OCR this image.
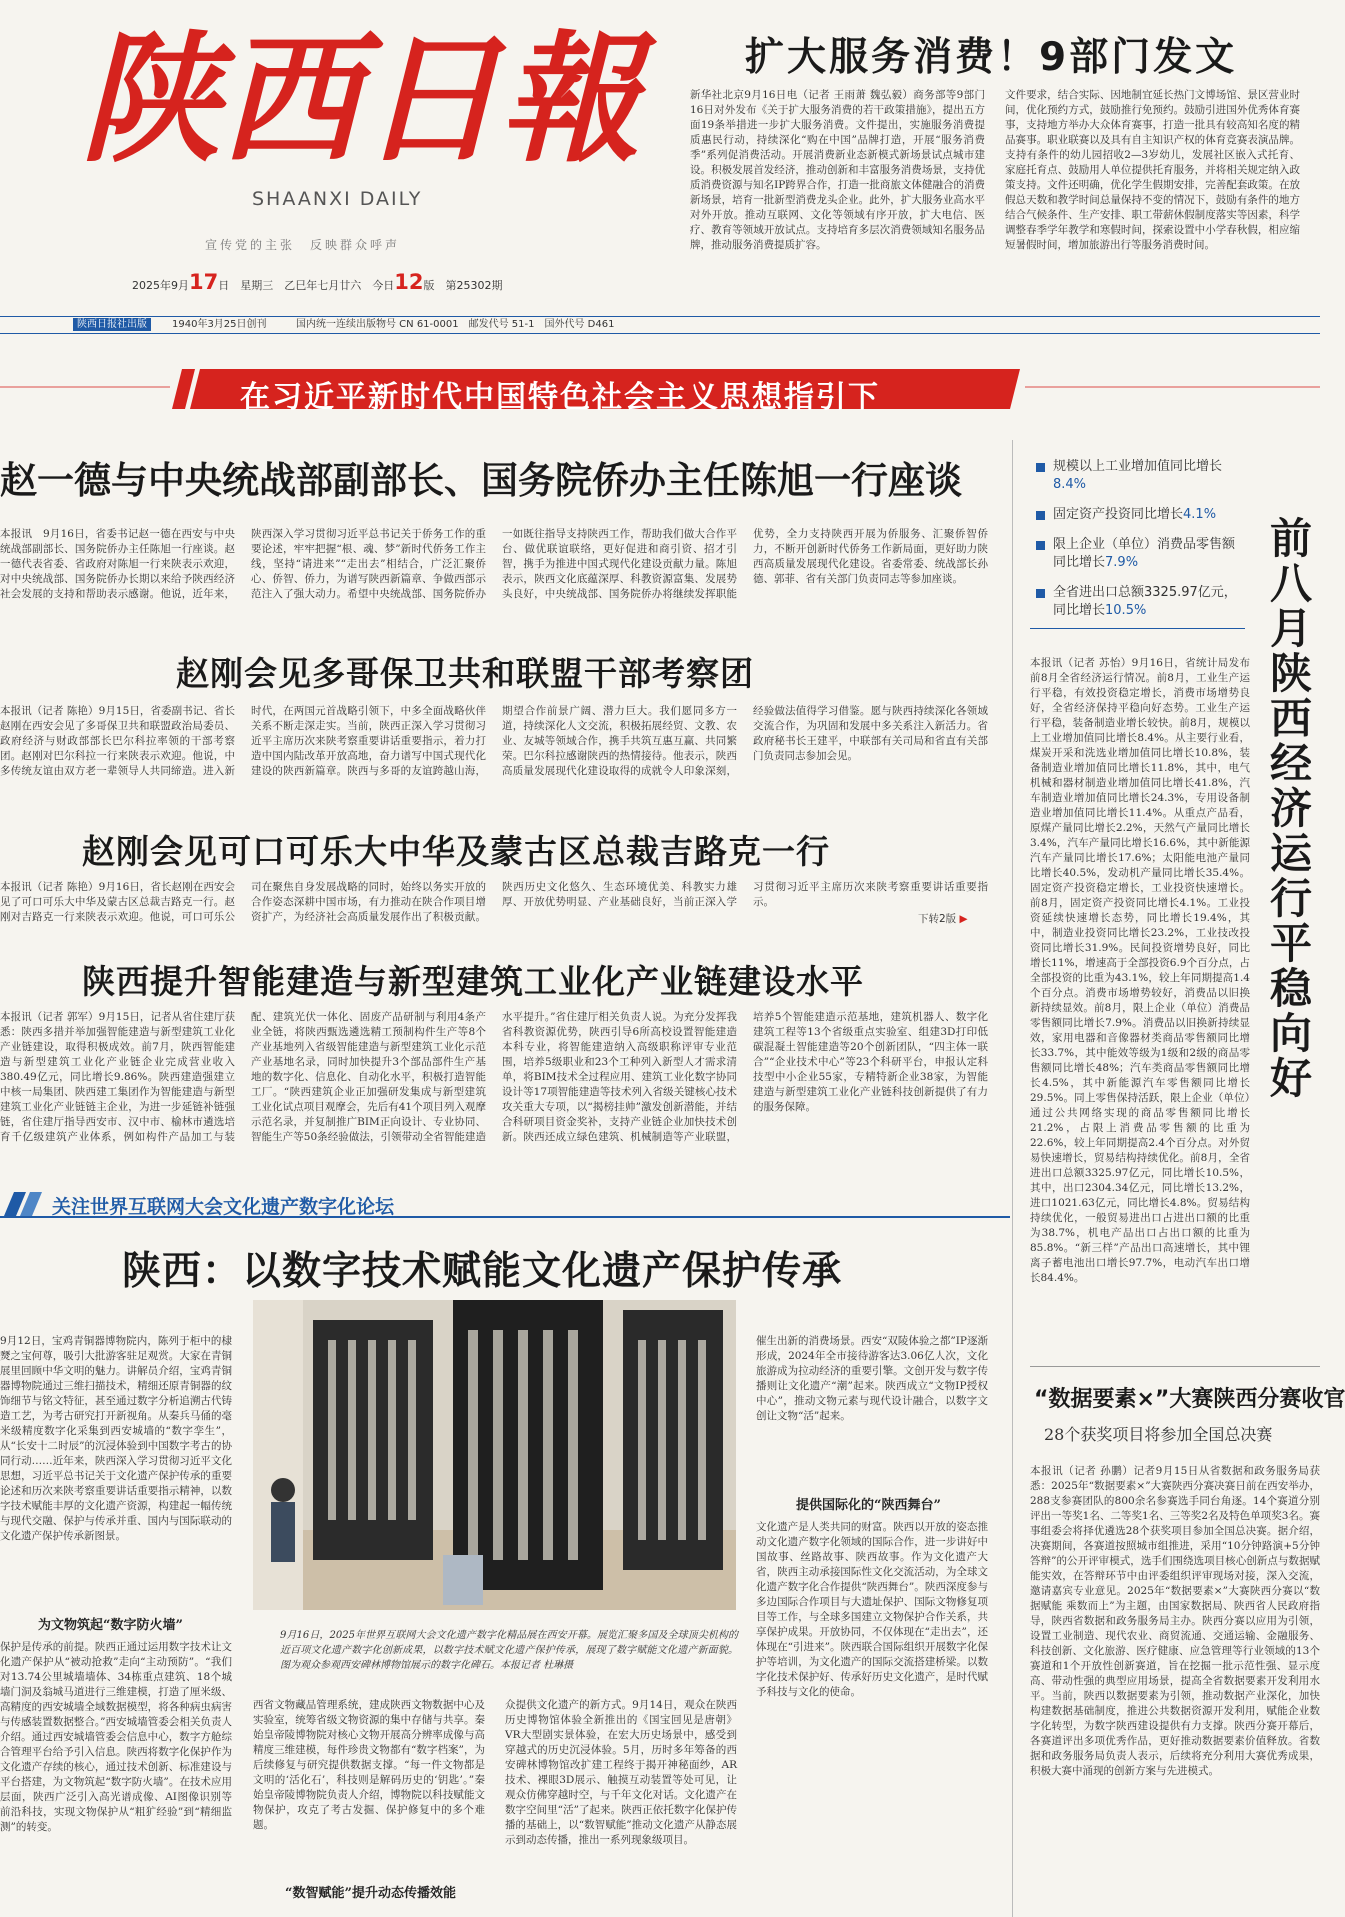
陕西日報
SHAANXI DAILY
宣传党的主张　反映群众呼声
2025年9月17日　星期三　乙巳年七月廿六　今日12版　第25302期
扩大服务消费！9部门发文
新华社北京9月16日电（记者 王雨萧 魏弘毅）商务部等9部门16日对外发布《关于扩大服务消费的若干政策措施》，提出五方面19条举措进一步扩大服务消费。文件提出，实施服务消费提质惠民行动，持续深化“购在中国”品牌打造，开展“服务消费季”系列促消费活动。开展消费新业态新模式新场景试点城市建设。积极发展首发经济，推动创新和丰富服务消费场景，支持优质消费资源与知名IP跨界合作，打造一批商旅文体健融合的消费新场景，培育一批新型消费龙头企业。此外，扩大服务业高水平对外开放。推动互联网、文化等领域有序开放，扩大电信、医疗、教育等领域开放试点。支持培育多层次消费领域知名服务品牌，推动服务消费提质扩容。
文件要求，结合实际、因地制宜延长热门文博场馆、景区营业时间，优化预约方式，鼓励推行免预约。鼓励引进国外优秀体育赛事，支持地方举办大众体育赛事，打造一批具有较高知名度的精品赛事。职业联赛以及具有自主知识产权的体育竞赛表演品牌。支持有条件的幼儿园招收2—3岁幼儿，发展社区嵌入式托育、家庭托育点、鼓励用人单位提供托育服务，并将相关规定纳入政策支持。文件还明确，优化学生假期安排，完善配套政策。在放假总天数和教学时间总量保持不变的情况下，鼓励有条件的地方结合气候条件、生产安排、职工带薪休假制度落实等因素，科学调整春季学年教学和寒假时间，探索设置中小学春秋假，相应缩短暑假时间，增加旅游出行等服务消费时间。
陕西日报社出版	1940年3月25日创刊	国内统一连续出版物号 CN 61-0001　邮发代号 51-1　国外代号 D461
在习近平新时代中国特色社会主义思想指引下
赵一德与中央统战部副部长、国务院侨办主任陈旭一行座谈
本报讯　9月16日，省委书记赵一德在西安与中央统战部副部长、国务院侨办主任陈旭一行座谈。赵一德代表省委、省政府对陈旭一行来陕表示欢迎，对中央统战部、国务院侨办长期以来给予陕西经济社会发展的支持和帮助表示感谢。他说，近年来，陕西深入学习贯彻习近平总书记关于侨务工作的重要论述，牢牢把握“根、魂、梦”新时代侨务工作主线，坚持“请进来”“走出去”相结合，广泛汇聚侨心、侨智、侨力，为谱写陕西新篇章、争做西部示范注入了强大动力。希望中央统战部、国务院侨办一如既往指导支持陕西工作，帮助我们做大合作平台、做优联谊联络，更好促进和商引资、招才引智，携手为推进中国式现代化建设贡献力量。陈旭表示，陕西文化底蕴深厚、科教资源富集、发展势头良好，中央统战部、国务院侨办将继续发挥职能优势，全力支持陕西开展为侨服务、汇聚侨智侨力，不断开创新时代侨务工作新局面，更好助力陕西高质量发展现代化建设。省委常委、统战部长孙德、郭菲、省有关部门负责同志等参加座谈。
赵刚会见多哥保卫共和联盟干部考察团
本报讯（记者 陈艳）9月15日，省委副书记、省长赵刚在西安会见了多哥保卫共和联盟政治局委员、政府经济与财政部部长巴尔科拉率领的干部考察团。赵刚对巴尔科拉一行来陕表示欢迎。他说，中多传统友谊由双方老一辈领导人共同缔造。进入新时代，在两国元首战略引领下，中多全面战略伙伴关系不断走深走实。当前，陕西正深入学习贯彻习近平主席历次来陕考察重要讲话重要指示，着力打造中国内陆改革开放高地，奋力谱写中国式现代化建设的陕西新篇章。陕西与多哥的友谊跨越山海，期望合作前景广阔、潜力巨大。我们愿同多方一道，持续深化人文交流，积极拓展经贸、文教、农业、友城等领域合作，携手共筑互惠互赢、共同繁荣。巴尔科拉感谢陕西的热情接待。他表示，陕西高质量发展现代化建设取得的成就令人印象深刻，经验做法值得学习借鉴。愿与陕西持续深化各领域交流合作，为巩固和发展中多关系注入新活力。省政府秘书长王建平，中联部有关司局和省直有关部门负责同志参加会见。
赵刚会见可口可乐大中华及蒙古区总裁吉路克一行
本报讯（记者 陈艳）9月16日，省长赵刚在西安会见了可口可乐大中华及蒙古区总裁吉路克一行。赵刚对吉路克一行来陕表示欢迎。他说，可口可乐公司在聚焦自身发展战略的同时，始终以务实开放的合作姿态深耕中国市场，有力推动在陕合作项目增资扩产，为经济社会高质量发展作出了积极贡献。陕西历史文化悠久、生态环境优美、科教实力雄厚、开放优势明显、产业基础良好，当前正深入学习贯彻习近平主席历次来陕考察重要讲话重要指示。
下转2版 ▶
陕西提升智能建造与新型建筑工业化产业链建设水平
本报讯（记者 郭军）9月15日，记者从省住建厅获悉：陕西多措并举加强智能建造与新型建筑工业化产业链建设，取得积极成效。前7月，陕西智能建造与新型建筑工业化产业链企业完成营业收入380.49亿元，同比增长9.86%。陕西建造强建立中核一局集团、陕西建工集团作为智能建造与新型建筑工业化产业链链主企业，为进一步延链补链强链，省住建厅指导西安市、汉中市、榆林市遴选培育千亿级建筑产业体系，例如构件产品加工与装配、建筑光伏一体化、固废产品研制与利用4条产业全链，将陕西甄选遴选精工预制构件生产等8个产业基地列入省级智能建造与新型建筑工业化示范产业基地名录，同时加快提升3个部品部件生产基地的数字化、信息化、自动化水平，积极打造智能工厂。“陕西建筑企业正加强研发集成与新型建筑工业化试点项目观摩会，先后有41个项目列入观摩示范名录，并复制推广BIM正向设计、专业协同、智能生产等50条经验做法，引领带动全省智能建造水平提升。”省住建厅相关负责人说。为充分发挥我省科教资源优势，陕西引导6所高校设置智能建造本科专业，将智能建造纳入高级职称评审专业范围，培养5级职业和23个工种列入新型人才需求清单，将BIM技术全过程应用、建筑工业化数字协同设计等17项智能建造等技术列入省级关键核心技术攻关重大专项，以“揭榜挂帅”激发创新潜能，并结合科研项目资金奖补，支持产业链企业加快技术创新。陕西还成立绿色建筑、机械制造等产业联盟，培养5个智能建造示范基地，建筑机器人、数字化建筑工程等13个省级重点实验室、组建3D打印低碳混凝土智能建造等20个创新团队，“四主体一联合”“企业技术中心”等23个科研平台，申报认定科技型中小企业55家，专精特新企业38家，为智能建造与新型建筑工业化产业链科技创新提供了有力的服务保障。
关注世界互联网大会文化遗产数字化论坛
陕西：以数字技术赋能文化遗产保护传承
9月12日，宝鸡青铜器博物院内，陈列于柜中的棣燹之宝何尊，吸引大批游客驻足观赏。大家在青铜展里回顾中华文明的魅力。讲解员介绍，宝鸡青铜器博物院通过三维扫描技术，精细还原青铜器的纹饰细节与铭文特征，甚至通过数字分析追溯古代铸造工艺，为考古研究打开新视角。从秦兵马俑的毫米级精度数字化采集到西安城墙的“数字孪生”，从“长安十二时辰”的沉浸体验到中国数字考古的协同行动……近年来，陕西深入学习贯彻习近平文化思想，习近平总书记关于文化遗产保护传承的重要论述和历次来陕考察重要讲话重要指示精神，以数字技术赋能丰厚的文化遗产资源，构建起一幅传统与现代交融、保护与传承并重、国内与国际联动的文化遗产保护传承新图景。
为文物筑起“数字防火墙”
保护是传承的前提。陕西正通过运用数字技术让文化遗产保护从“被动抢救”走向“主动预防”。“我们对13.74公里城墙墙体、34栋重点建筑、18个城墙门洞及翁城马道进行三维建模，打造了厘米级、高精度的西安城墙全域数据模型，将各种病虫病害与传感装置数据整合。”西安城墙管委会相关负责人介绍。通过西安城墙管委会信息中心，数字方舱综合管理平台给予引入信息。陕西将数字化保护作为文化遗产存续的核心，通过技术创新、标准建设与平台搭建，为文物筑起“数字防火墙”。在技术应用层面，陕西广泛引入高光谱成像、AI图像识别等前沿科技，实现文物保护从“粗犷经验”到“精细监测”的转变。
9月16日，2025年世界互联网大会文化遗产数字化精品展在西安开幕。展览汇聚多国及全球顶尖机构的近百项文化遗产数字化创新成果，以数字技术赋文化遗产保护传承，展现了数字赋能文化遗产新面貌。图为观众参观西安碑林博物馆展示的数字化碑石。本报记者 杜琳摄
西省文物藏品管理系统，建成陕西文物数据中心及实验室，统筹省级文物资源的集中存储与共享。秦始皇帝陵博物院对核心文物开展高分辨率成像与高精度三维建模，每件珍贵文物都有“数字档案”，为后续修复与研究提供数据支撑。“每一件文物都是文明的‘活化石’，科技则是解码历史的‘钥匙’。”秦始皇帝陵博物院负责人介绍，博物院以科技赋能文物保护，攻克了考古发掘、保护修复中的多个难题。
“数智赋能”提升动态传播效能
众提供文化遗产的新方式。9月14日，观众在陕西历史博物馆体验全新推出的《国宝回见是唐朝》VR大型剧实景体验，在宏大历史场景中，感受到穿越式的历史沉浸体验。5月，历时多年筹备的西安碑林博物馆改扩建工程终于揭开神秘面纱，AR技术、裸眼3D展示、触摸互动装置等处可见，让观众仿佛穿越时空，与千年文化对话。文化遗产在数字空间里“活”了起来。陕西正依托数字化保护传播的基础上，以“数智赋能”推动文化遗产从静态展示到动态传播，推出一系列现象级项目。
催生出新的消费场景。西安“双陵体验之都”IP逐渐形成，2024年全市接待游客达3.06亿人次，文化旅游成为拉动经济的重要引擎。文创开发与数字传播则让文化遗产“潮”起来。陕西成立“文物IP授权中心”，推动文物元素与现代设计融合，以数字文创让文物“活”起来。
提供国际化的“陕西舞台”
文化遗产是人类共同的财富。陕西以开放的姿态推动文化遗产数字化领域的国际合作，进一步讲好中国故事、丝路故事、陕西故事。作为文化遗产大省，陕西主动承接国际性文化交流活动，为全球文化遗产数字化合作提供“陕西舞台”。陕西深度参与多边国际合作项目与大遗址保护、国际文物修复项目等工作，与全球多国建立文物保护合作关系，共享保护成果。开放协同，不仅体现在“走出去”，还体现在“引进来”。陕西联合国际组织开展数字化保护等培训，为文化遗产的国际交流搭建桥梁。以数字化技术保护好、传承好历史文化遗产，是时代赋予科技与文化的使命。
规模以上工业增加值同比增长8.4%
固定资产投资同比增长4.1%
限上企业（单位）消费品零售额同比增长7.9%
全省进出口总额3325.97亿元，同比增长10.5%	前八月陕西经济运行平稳向好
本报讯（记者 苏怡）9月16日，省统计局发布前8月全省经济运行情况。前8月，工业生产运行平稳，有效投资稳定增长，消费市场增势良好，全省经济保持平稳向好态势。工业生产运行平稳，装备制造业增长较快。前8月，规模以上工业增加值同比增长8.4%。从主要行业看，煤炭开采和洗选业增加值同比增长10.8%，装备制造业增加值同比增长11.8%，其中，电气机械和器材制造业增加值同比增长41.8%，汽车制造业增加值同比增长24.3%，专用设备制造业增加值同比增长11.4%。从重点产品看，原煤产量同比增长2.2%，天然气产量同比增长3.4%，汽车产量同比增长16.6%，其中新能源汽车产量同比增长17.6%；太阳能电池产量同比增长40.5%，发动机产量同比增长35.4%。固定资产投资稳定增长，工业投资快速增长。前8月，固定资产投资同比增长4.1%。工业投资延续快速增长态势，同比增长19.4%，其中，制造业投资同比增长23.2%，工业技改投资同比增长31.9%。民间投资增势良好，同比增长11%，增速高于全部投资6.9个百分点，占全部投资的比重为43.1%，较上年同期提高1.4个百分点。消费市场增势较好，消费品以旧换新持续显效。前8月，限上企业（单位）消费品零售额同比增长7.9%。消费品以旧换新持续显效，家用电器和音像器材类商品零售额同比增长33.7%，其中能效等级为1级和2级的商品零售额同比增长48%；汽车类商品零售额同比增长4.5%，其中新能源汽车零售额同比增长29.5%。同上零售保持活跃，限上企业（单位）通过公共网络实现的商品零售额同比增长21.2%，占限上消费品零售额的比重为22.6%，较上年同期提高2.4个百分点。对外贸易快速增长，贸易结构持续优化。前8月，全省进出口总额3325.97亿元，同比增长10.5%，其中，出口2304.34亿元，同比增长13.2%，进口1021.63亿元，同比增长4.8%。贸易结构持续优化，一般贸易进出口占进出口额的比重为38.7%，机电产品出口占出口额的比重为85.8%。“新三样”产品出口高速增长，其中锂离子蓄电池出口增长97.7%，电动汽车出口增长84.4%。
“数据要素×”大赛陕西分赛收官
28个获奖项目将参加全国总决赛
本报讯（记者 孙鹏）记者9月15日从省数据和政务服务局获悉：2025年“数据要素×”大赛陕西分赛决赛日前在西安举办，288支参赛团队的800余名参赛选手同台角逐。14个赛道分别评出一等奖1名、二等奖1名、三等奖2名及特色单项奖3名。赛事组委会将择优遴选28个获奖项目参加全国总决赛。据介绍，决赛期间，各赛道按照城市组推进，采用“10分钟路演+5分钟答辩”的公开评审模式，选手们围绕选项目核心创新点与数据赋能实效，在答辩环节中由评委组织评审现场对接，深入交流，邀请嘉宾专业意见。2025年“数据要素×”大赛陕西分赛以“数据赋能 乘数而上”为主题，由国家数据局、陕西省人民政府指导，陕西省数据和政务服务局主办。陕西分赛以应用为引领，设置工业制造、现代农业、商贸流通、交通运输、金融服务、科技创新、文化旅游、医疗健康、应急管理等行业领域的13个赛道和1个开放性创新赛道，旨在挖掘一批示范性强、显示度高、带动性强的典型应用场景，提高全省数据要素开发利用水平。当前，陕西以数据要素为引领，推动数据产业深化，加快构建数据基础制度，推进公共数据资源开发利用，赋能企业数字化转型，为数字陕西建设提供有力支撑。陕西分赛开幕后，各赛道评出多项优秀作品，更好推动数据要素价值释放。省数据和政务服务局负责人表示，后续将充分利用大赛优秀成果，积极大赛中涌现的创新方案与先进模式。
